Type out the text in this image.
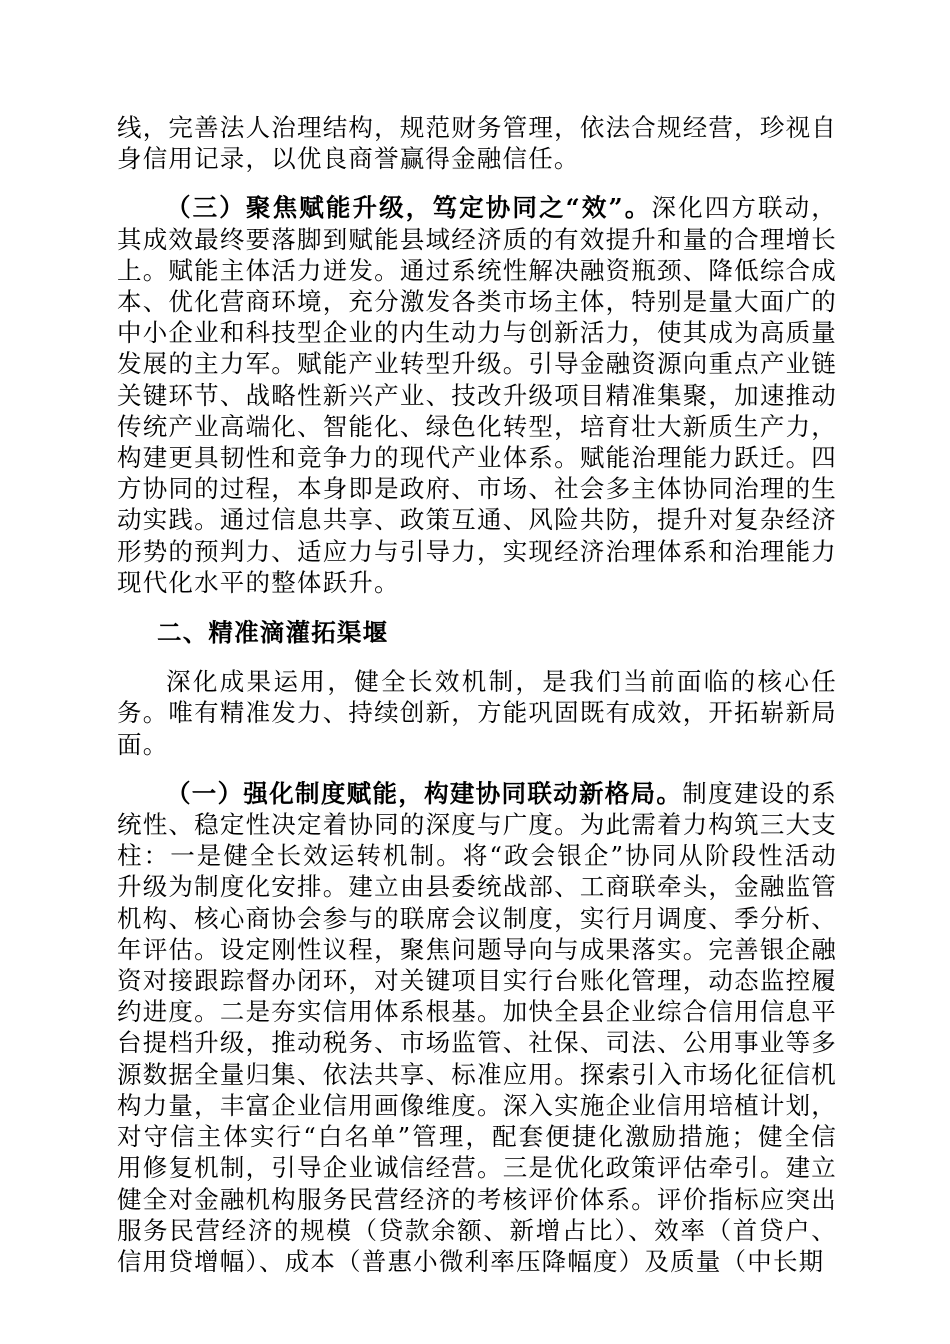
线，完善法人治理结构，规范财务管理，依法合规经营，珍视自身信用记录，以优良商誉赢得金融信任。

（三）聚焦赋能升级，笃定协同之“效”。深化四方联动，其成效最终要落脚到赋能县域经济质的有效提升和量的合理增长上。赋能主体活力迸发。通过系统性解决融资瓶颈、降低综合成本、优化营商环境，充分激发各类市场主体，特别是量大面广的中小企业和科技型企业的内生动力与创新活力，使其成为高质量发展的主力军。赋能产业转型升级。引导金融资源向重点产业链关键环节、战略性新兴产业、技改升级项目精准集聚，加速推动传统产业高端化、智能化、绿色化转型，培育壮大新质生产力，构建更具韧性和竞争力的现代产业体系。赋能治理能力跃迁。四方协同的过程，本身即是政府、市场、社会多主体协同治理的生动实践。通过信息共享、政策互通、风险共防，提升对复杂经济形势的预判力、适应力与引导力，实现经济治理体系和治理能力现代化水平的整体跃升。

二、精准滴灌拓渠堰

深化成果运用，健全长效机制，是我们当前面临的核心任务。唯有精准发力、持续创新，方能巩固既有成效，开拓崭新局面。

（一）强化制度赋能，构建协同联动新格局。制度建设的系统性、稳定性决定着协同的深度与广度。为此需着力构筑三大支柱：一是健全长效运转机制。将“政会银企”协同从阶段性活动升级为制度化安排。建立由县委统战部、工商联牵头，金融监管机构、核心商协会参与的联席会议制度，实行月调度、季分析、年评估。设定刚性议程，聚焦问题导向与成果落实。完善银企融资对接跟踪督办闭环，对关键项目实行台账化管理，动态监控履约进度。二是夯实信用体系根基。加快全县企业综合信用信息平台提档升级，推动税务、市场监管、社保、司法、公用事业等多源数据全量归集、依法共享、标准应用。探索引入市场化征信机构力量，丰富企业信用画像维度。深入实施企业信用培植计划，对守信主体实行“白名单”管理，配套便捷化激励措施；健全信用修复机制，引导企业诚信经营。三是优化政策评估牵引。建立健全对金融机构服务民营经济的考核评价体系。评价指标应突出服务民营经济的规模（贷款余额、新增占比）、效率（首贷户、信用贷增幅）、成本（普惠小微利率压降幅度）及质量（中长期
